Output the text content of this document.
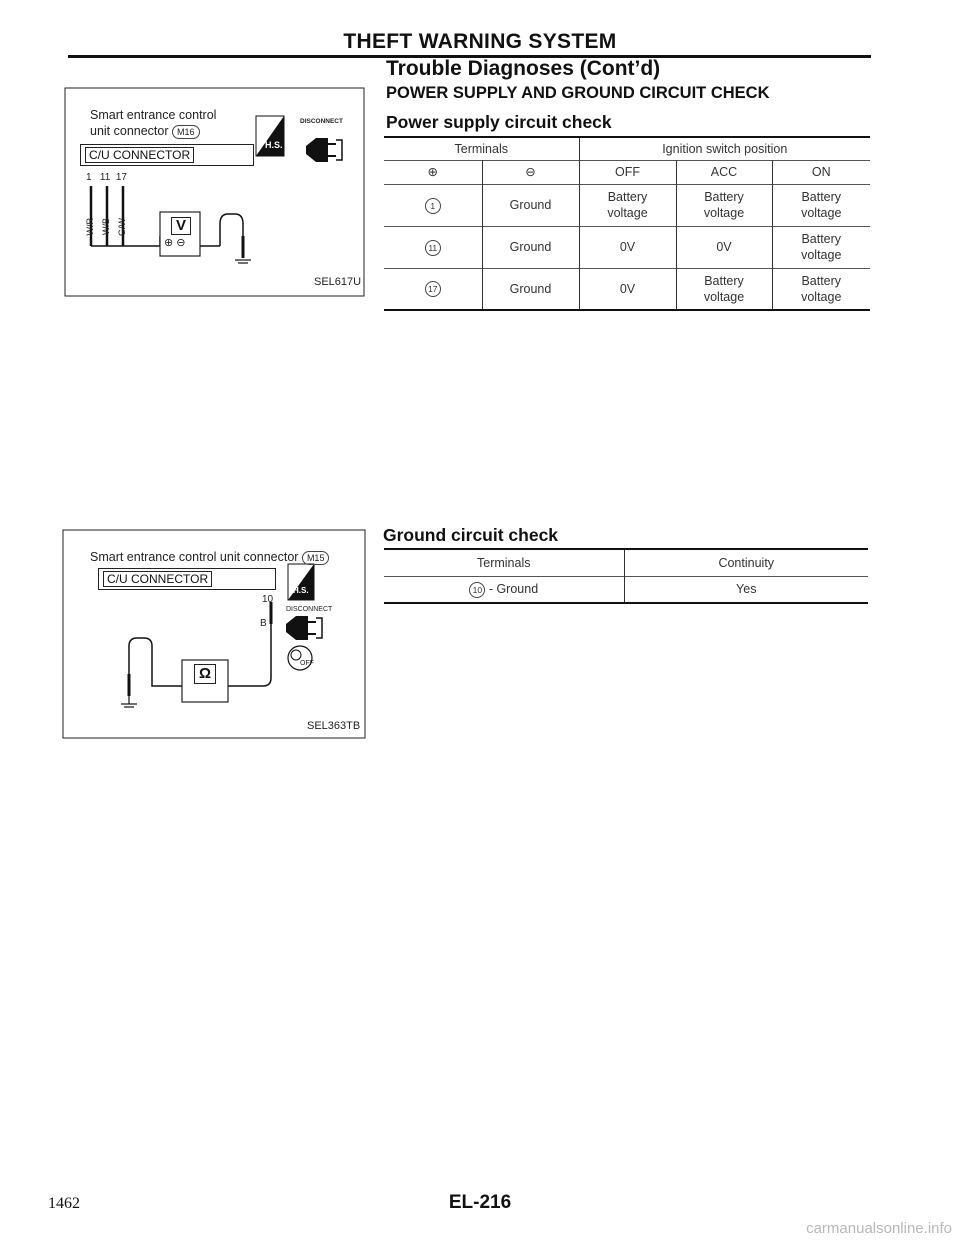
THEFT WARNING SYSTEM
Trouble Diagnoses (Cont’d)
POWER SUPPLY AND GROUND CIRCUIT CHECK
Smart entrance control
unit connector M16
C/U CONNECTOR
1   11  17
W/R W/B G/W	V
⊕ ⊖
DISCONNECT
H.S.
SEL617U
Power supply circuit check
Terminals		Ignition switch position		
⊕	⊖	OFF	ACC	ON
1	Ground	Battery voltage	Battery voltage	Battery voltage
11	Ground	0V	0V	Battery voltage
17	Ground	0V	Battery voltage	Battery voltage
Smart entrance control unit connector M15
C/U CONNECTOR
10
B
Ω
DISCONNECT
H.S.
OFF
SEL363TB
Ground circuit check
Terminals	Continuity
10 - Ground	Yes
1462	EL-216
carmanualsonline.info
